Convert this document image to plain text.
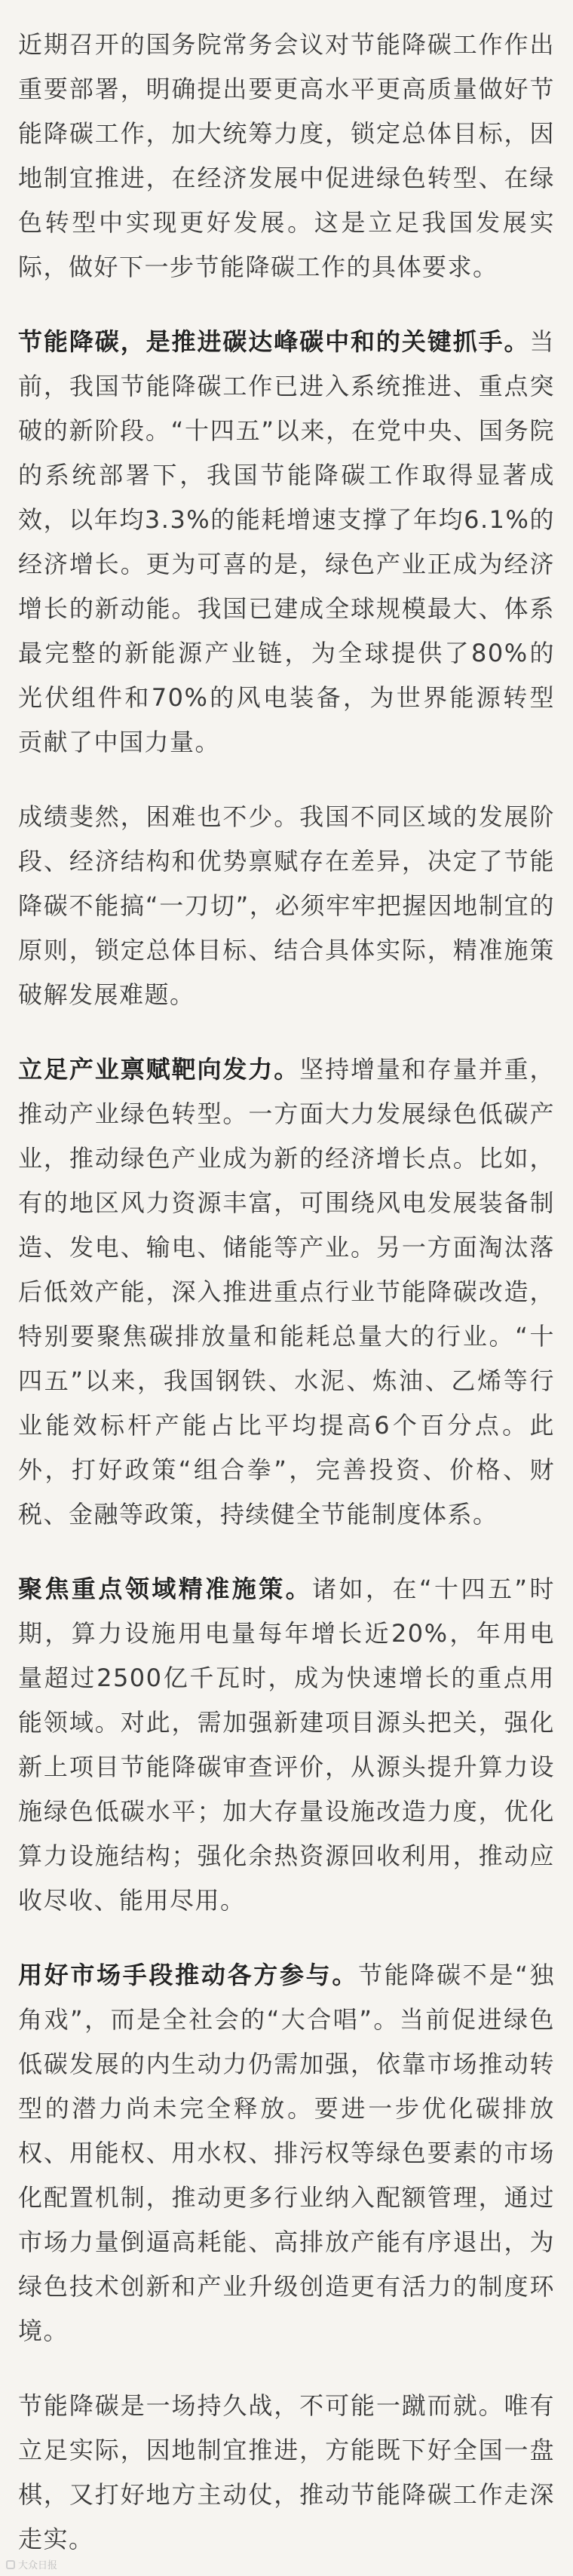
近期召开的国务院常务会议对节能降碳工作作出重要部署，明确提出要更高水平更高质量做好节能降碳工作，加大统筹力度，锁定总体目标，因地制宜推进，在经济发展中促进绿色转型、在绿色转型中实现更好发展。这是立足我国发展实际，做好下一步节能降碳工作的具体要求。

节能降碳，是推进碳达峰碳中和的关键抓手。当前，我国节能降碳工作已进入系统推进、重点突破的新阶段。“十四五”以来，在党中央、国务院的系统部署下，我国节能降碳工作取得显著成效，以年均3.3%的能耗增速支撑了年均6.1%的经济增长。更为可喜的是，绿色产业正成为经济增长的新动能。我国已建成全球规模最大、体系最完整的新能源产业链，为全球提供了80%的光伏组件和70%的风电装备，为世界能源转型贡献了中国力量。

成绩斐然，困难也不少。我国不同区域的发展阶段、经济结构和优势禀赋存在差异，决定了节能降碳不能搞“一刀切”，必须牢牢把握因地制宜的原则，锁定总体目标、结合具体实际，精准施策破解发展难题。

立足产业禀赋靶向发力。坚持增量和存量并重，推动产业绿色转型。一方面大力发展绿色低碳产业，推动绿色产业成为新的经济增长点。比如，有的地区风力资源丰富，可围绕风电发展装备制造、发电、输电、储能等产业。另一方面淘汰落后低效产能，深入推进重点行业节能降碳改造，特别要聚焦碳排放量和能耗总量大的行业。“十四五”以来，我国钢铁、水泥、炼油、乙烯等行业能效标杆产能占比平均提高6个百分点。此外，打好政策“组合拳”，完善投资、价格、财税、金融等政策，持续健全节能制度体系。

聚焦重点领域精准施策。诸如，在“十四五”时期，算力设施用电量每年增长近20%，年用电量超过2500亿千瓦时，成为快速增长的重点用能领域。对此，需加强新建项目源头把关，强化新上项目节能降碳审查评价，从源头提升算力设施绿色低碳水平；加大存量设施改造力度，优化算力设施结构；强化余热资源回收利用，推动应收尽收、能用尽用。

用好市场手段推动各方参与。节能降碳不是“独角戏”，而是全社会的“大合唱”。当前促进绿色低碳发展的内生动力仍需加强，依靠市场推动转型的潜力尚未完全释放。要进一步优化碳排放权、用能权、用水权、排污权等绿色要素的市场化配置机制，推动更多行业纳入配额管理，通过市场力量倒逼高耗能、高排放产能有序退出，为绿色技术创新和产业升级创造更有活力的制度环境。

节能降碳是一场持久战，不可能一蹴而就。唯有立足实际，因地制宜推进，方能既下好全国一盘棋，又打好地方主动仗，推动节能降碳工作走深走实。

大众日报
